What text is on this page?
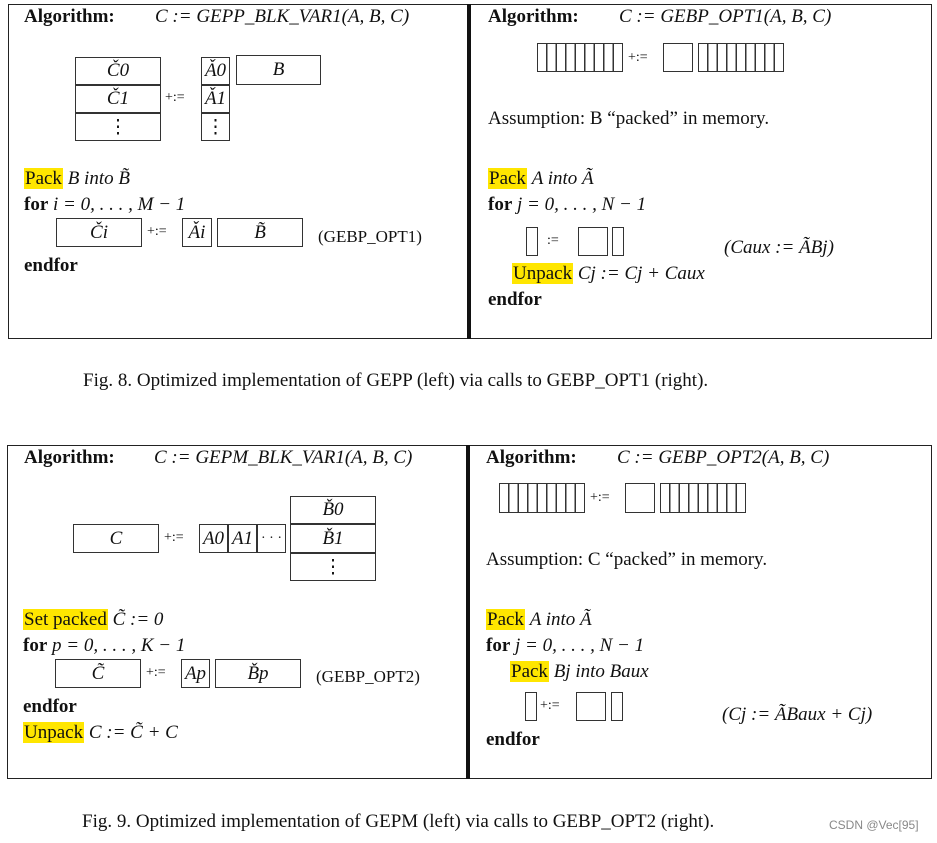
Algorithm: C := GEPP_BLK_VAR1(A, B, C)
Č0
Č1
⋮
+:=
Ǎ0
Ǎ1
⋮
B
Pack B into B̃
for i = 0, . . . , M − 1
Či	+:=	Ǎi	B̃	(GEBP_OPT1)
endfor
Algorithm: C := GEBP_OPT1(A, B, C)
+:=
Assumption: B “packed” in memory.
Pack A into Ã
for j = 0, . . . , N − 1
:=	(Caux := ÃBj)
Unpack Cj := Cj + Caux
endfor
Fig. 8. Optimized implementation of GEPP (left) via calls to GEBP_OPT1 (right).
Algorithm: C := GEPM_BLK_VAR1(A, B, C)
C	+:= A0 A1 · · ·
B̌0
B̌1
⋮
Set packed C̃ := 0
for p = 0, . . . , K − 1
C̃	+:= Ap	B̌p	(GEBP_OPT2)
endfor
Unpack C := C̃ + C
Algorithm: C := GEBP_OPT2(A, B, C)
+:=
Assumption: C “packed” in memory.
Pack A into Ã
for j = 0, . . . , N − 1
Pack Bj into Baux
+:=	(Cj := ÃBaux + Cj)
endfor
Fig. 9. Optimized implementation of GEPM (left) via calls to GEBP_OPT2 (right).	CSDN @Vec[95]
